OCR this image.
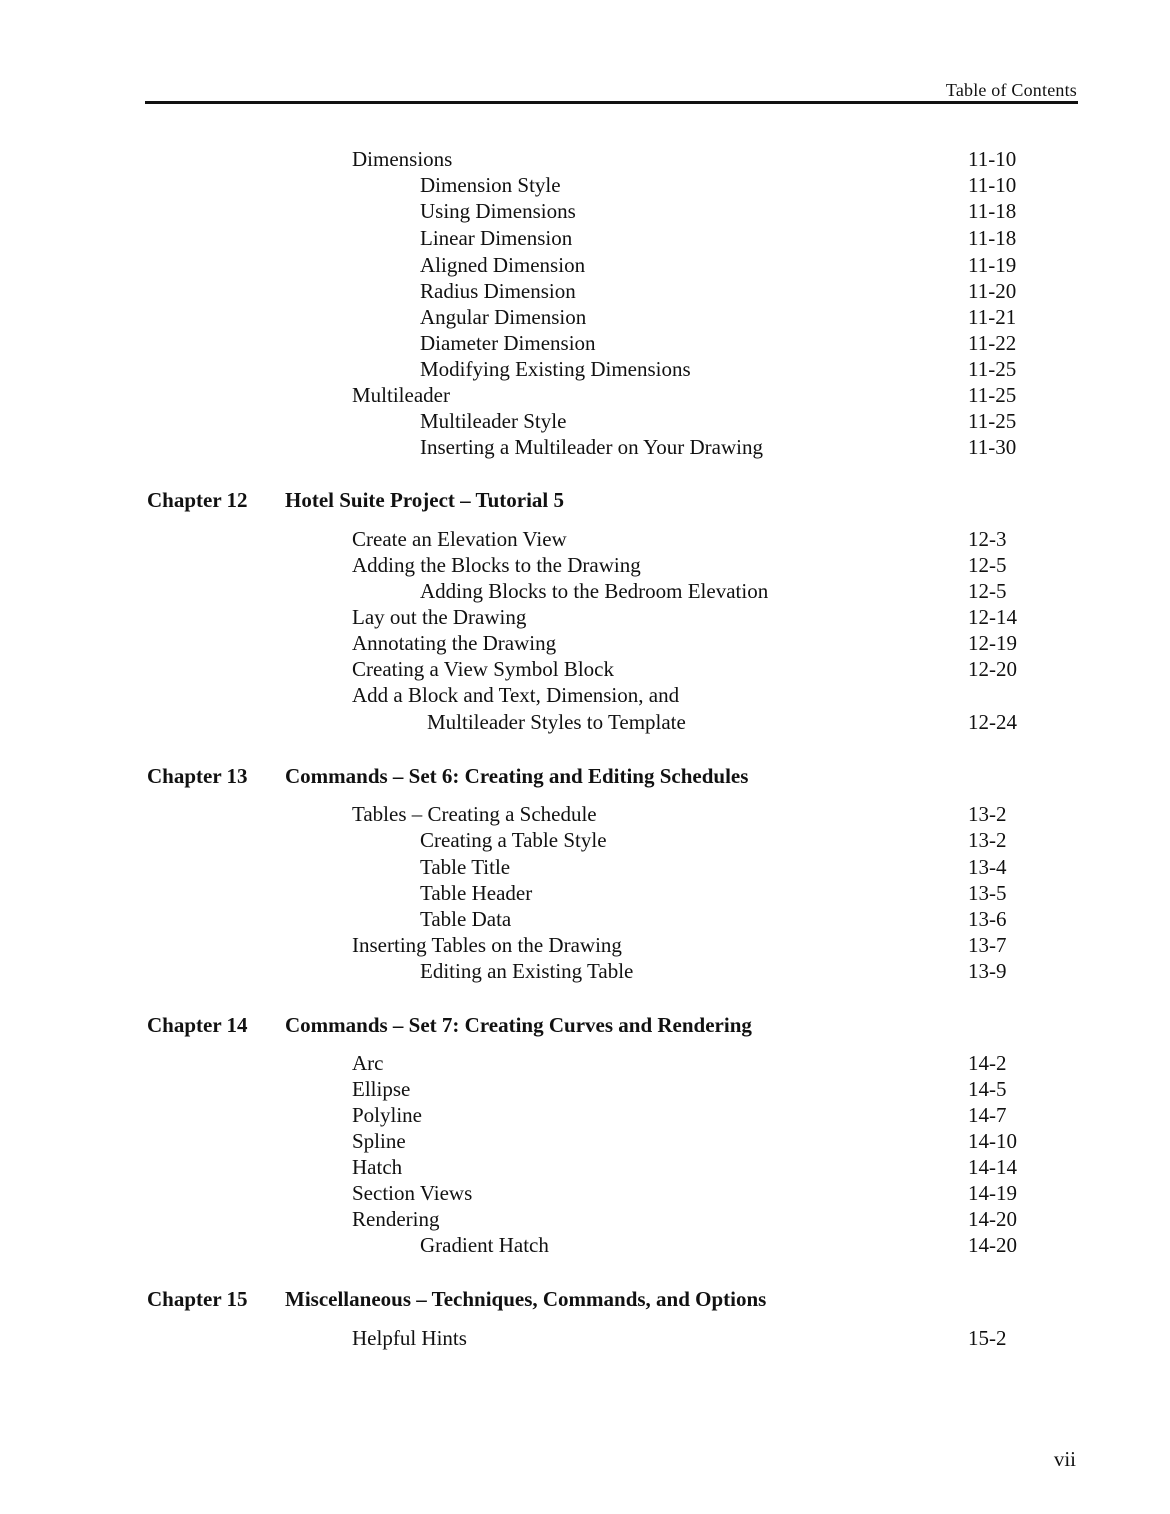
Table of Contents
Dimensions	11-10
Dimension Style	11-10
Using Dimensions	11-18
Linear Dimension	11-18
Aligned Dimension	11-19
Radius Dimension	11-20
Angular Dimension	11-21
Diameter Dimension	11-22
Modifying Existing Dimensions	11-25
Multileader	11-25
Multileader Style	11-25
Inserting a Multileader on Your Drawing	11-30
Chapter 12 Hotel Suite Project – Tutorial 5
Create an Elevation View	12-3
Adding the Blocks to the Drawing	12-5
Adding Blocks to the Bedroom Elevation	12-5
Lay out the Drawing	12-14
Annotating the Drawing	12-19
Creating a View Symbol Block	12-20
Add a Block and Text, Dimension, and
Multileader Styles to Template	12-24
Chapter 13 Commands – Set 6: Creating and Editing Schedules
Tables – Creating a Schedule	13-2
Creating a Table Style	13-2
Table Title	13-4
Table Header	13-5
Table Data	13-6
Inserting Tables on the Drawing	13-7
Editing an Existing Table	13-9
Chapter 14 Commands – Set 7: Creating Curves and Rendering
Arc	14-2
Ellipse	14-5
Polyline	14-7
Spline	14-10
Hatch	14-14
Section Views	14-19
Rendering	14-20
Gradient Hatch	14-20
Chapter 15 Miscellaneous – Techniques, Commands, and Options
Helpful Hints	15-2
vii
